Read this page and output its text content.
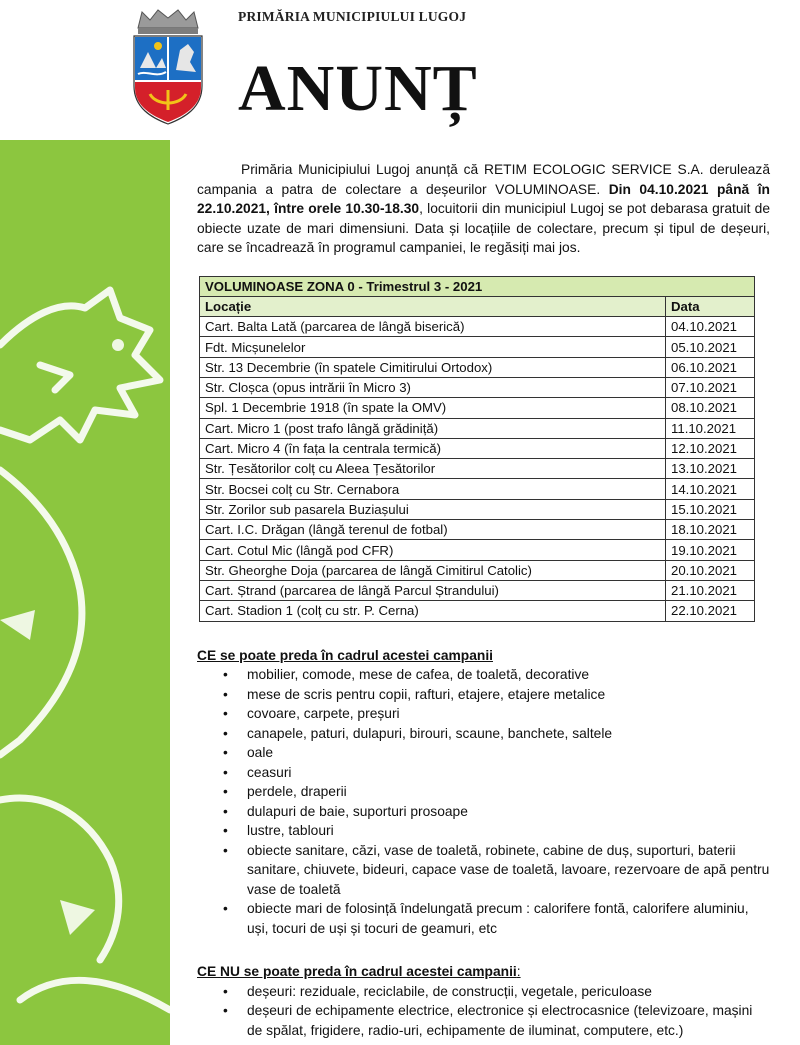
PRIMĂRIA MUNICIPIULUI LUGOJ
ANUNȚ

Primăria Municipiului Lugoj anunță că RETIM ECOLOGIC SERVICE S.A. derulează campania a patra de colectare a deșeurilor VOLUMINOASE. Din 04.10.2021 până în 22.10.2021, între orele 10.30-18.30, locuitorii din municipiul Lugoj se pot debarasa gratuit de obiecte uzate de mari dimensiuni. Data și locațiile de colectare, precum și tipul de deșeuri, care se încadrează în programul campaniei, le regăsiți mai jos.

VOLUMINOASE ZONA 0 - Trimestrul 3 - 2021	
Locație	Data
Cart. Balta Lată (parcarea de lângă biserică)	04.10.2021
Fdt. Micșunelelor	05.10.2021
Str. 13 Decembrie (în spatele Cimitirului Ortodox)	06.10.2021
Str. Cloșca (opus intrării în Micro 3)	07.10.2021
Spl. 1 Decembrie 1918 (în spate la OMV)	08.10.2021
Cart. Micro 1 (post trafo lângă grădiniță)	11.10.2021
Cart. Micro 4 (în fața la centrala termică)	12.10.2021
Str. Țesătorilor colț cu Aleea Țesătorilor	13.10.2021
Str. Bocsei colț cu Str. Cernabora	14.10.2021
Str. Zorilor sub pasarela Buziașului	15.10.2021
Cart. I.C. Drăgan (lângă terenul de fotbal)	18.10.2021
Cart. Cotul Mic (lângă pod CFR)	19.10.2021
Str. Gheorghe Doja (parcarea de lângă Cimitirul Catolic)	20.10.2021
Cart. Ștrand (parcarea de lângă Parcul Ștrandului)	21.10.2021
Cart. Stadion 1 (colț cu str. P. Cerna)	22.10.2021
CE se poate preda în cadrul acestei campanii
• mobilier, comode, mese de cafea, de toaletă, decorative
• mese de scris pentru copii, rafturi, etajere, etajere metalice
• covoare, carpete, preșuri
• canapele, paturi, dulapuri, birouri, scaune, banchete, saltele
• oale
• ceasuri
• perdele, draperii
• dulapuri de baie, suporturi prosoape
• lustre, tablouri
• obiecte sanitare, căzi, vase de toaletă, robinete, cabine de duș, suporturi, baterii sanitare, chiuvete, bideuri, capace vase de toaletă, lavoare, rezervoare de apă pentru vase de toaletă
• obiecte mari de folosință îndelungată precum : calorifere fontă, calorifere aluminiu, uși, tocuri de uși și tocuri de geamuri, etc
CE NU se poate preda în cadrul acestei campanii:
• deșeuri: reziduale, reciclabile, de construcții, vegetale, periculoase
• deșeuri de echipamente electrice, electronice și electrocasnice (televizoare, mașini de spălat, frigidere, radio-uri, echipamente de iluminat, computere, etc.)
